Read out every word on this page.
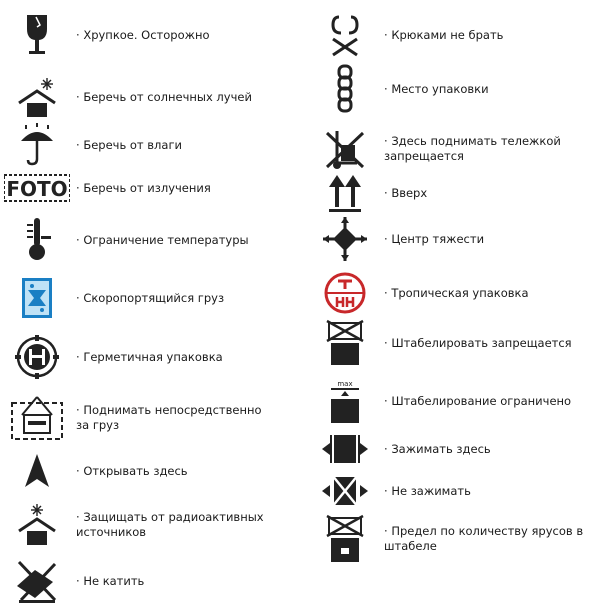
· Хрупкое. Осторожно
· Беречь от солнечных лучей
· Беречь от влаги
FOTO
·	Беречь от излучения
· Ограничение температуры
· Скоропортящийся груз
· Герметичная упаковка
· Поднимать непосредственно
за груз
· Открывать здесь
· Защищать от радиоактивных
источников
· Не катить
· Крюками не брать
· Место упаковки
· Здесь поднимать тележкой
запрещается
· Вверх
· Центр тяжести
· Тропическая упаковка
· Штабелировать запрещается
max
· Штабелирование ограничено
· Зажимать здесь
· Не зажимать
· Предел по количеству ярусов в
штабеле
